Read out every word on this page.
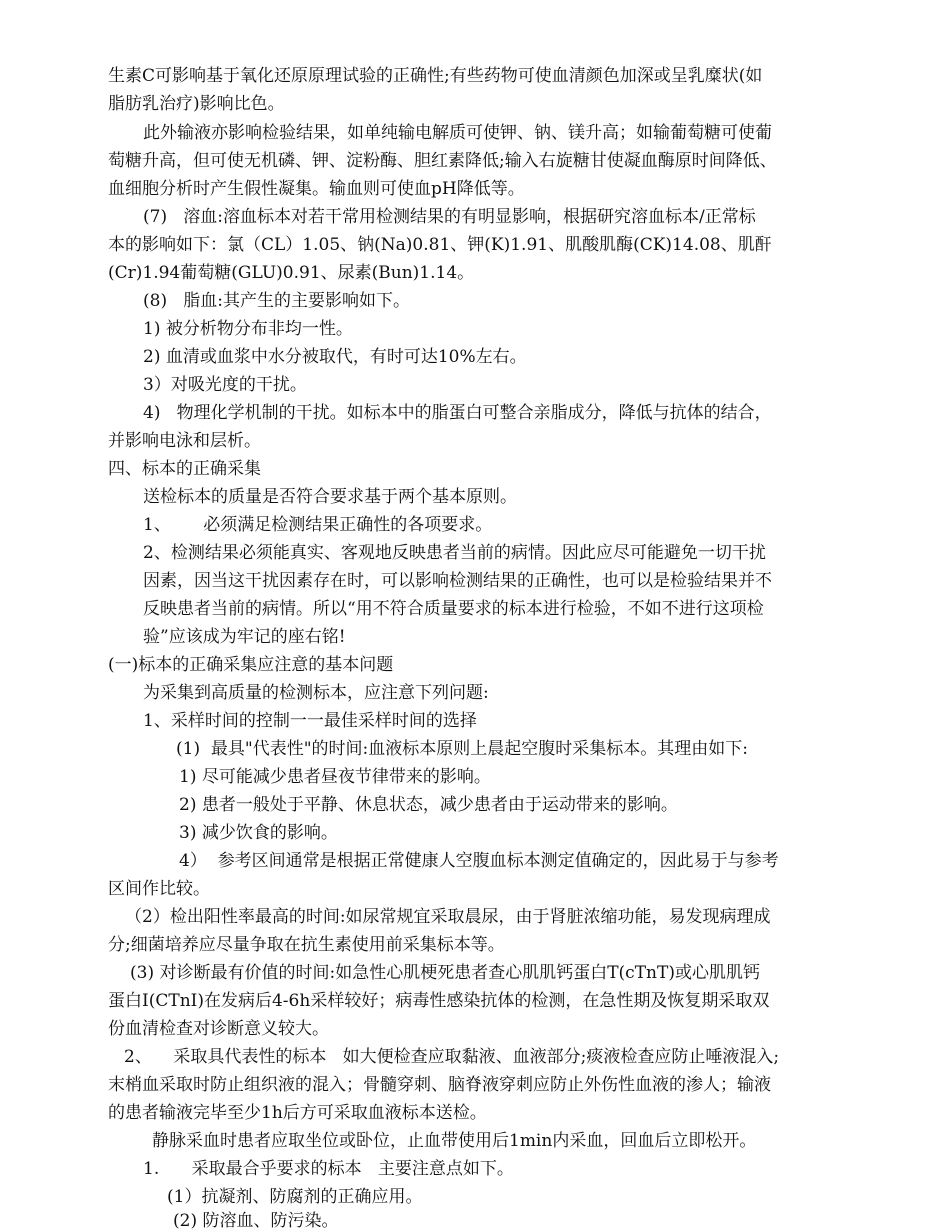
生素C可影响基于氧化还原原理试验的正确性;有些药物可使血清颜色加深或呈乳糜状(如
脂肪乳治疗)影响比色。
此外输液亦影响检验结果，如单纯输电解质可使钾、钠、镁升高；如输葡萄糖可使葡
萄糖升高，但可使无机磷、钾、淀粉酶、胆红素降低;输入右旋糖甘使凝血酶原时间降低、
血细胞分析时产生假性凝集。输血则可使血pH降低等。
(7)   溶血:溶血标本对若干常用检测结果的有明显影响，根据研究溶血标本/正常标
本的影响如下：氯（CL）1.05、钠(Na)0.81、钾(K)1.91、肌酸肌酶(CK)14.08、肌酐
(Cr)1.94葡萄糖(GLU)0.91、尿素(Bun)1.14。
(8)   脂血:其产生的主要影响如下。
1) 被分析物分布非均一性。
2) 血清或血浆中水分被取代，有时可达10%左右。
3）对吸光度的干扰。
4)   物理化学机制的干扰。如标本中的脂蛋白可整合亲脂成分，降低与抗体的结合，
并影响电泳和层析。
四、标本的正确采集
送检标本的质量是否符合要求基于两个基本原则。
1、      必须满足检测结果正确性的各项要求。
2、检测结果必须能真实、客观地反映患者当前的病情。因此应尽可能避免一切干扰
因素，因当这干扰因素存在时，可以影响检测结果的正确性，也可以是检验结果并不
反映患者当前的病情。所以“用不符合质量要求的标本进行检验，不如不进行这项检
验”应该成为牢记的座右铭!
(一)标本的正确采集应注意的基本问题
为采集到高质量的检测标本，应注意下列问题:
1、采样时间的控制一一最佳采样时间的选择
(1)  最具"代表性"的时间:血液标本原则上晨起空腹时采集标本。其理由如下:
1) 尽可能减少患者昼夜节律带来的影响。
2) 患者一般处于平静、休息状态，减少患者由于运动带来的影响。
3) 减少饮食的影响。
4）  参考区间通常是根据正常健康人空腹血标本测定值确定的，因此易于与参考
区间作比较。
（2）检出阳性率最高的时间:如尿常规宜采取晨尿，由于肾脏浓缩功能，易发现病理成
分;细菌培养应尽量争取在抗生素使用前采集标本等。
(3) 对诊断最有价值的时间:如急性心肌梗死患者查心肌肌钙蛋白T(cTnT)或心肌肌钙
蛋白I(CTnI)在发病后4-6h采样较好；病毒性感染抗体的检测，在急性期及恢复期采取双
份血清检查对诊断意义较大。
2、    采取具代表性的标本   如大便检查应取黏液、血液部分;痰液检查应防止唾液混入;
末梢血采取时防止组织液的混入；骨髓穿刺、脑脊液穿刺应防止外伤性血液的渗人；输液
的患者输液完毕至少1h后方可采取血液标本送检。
静脉采血时患者应取坐位或卧位，止血带使用后1min内采血，回血后立即松开。
1.      采取最合乎要求的标本   主要注意点如下。
(1）抗凝剂、防腐剂的正确应用。
(2) 防溶血、防污染。
